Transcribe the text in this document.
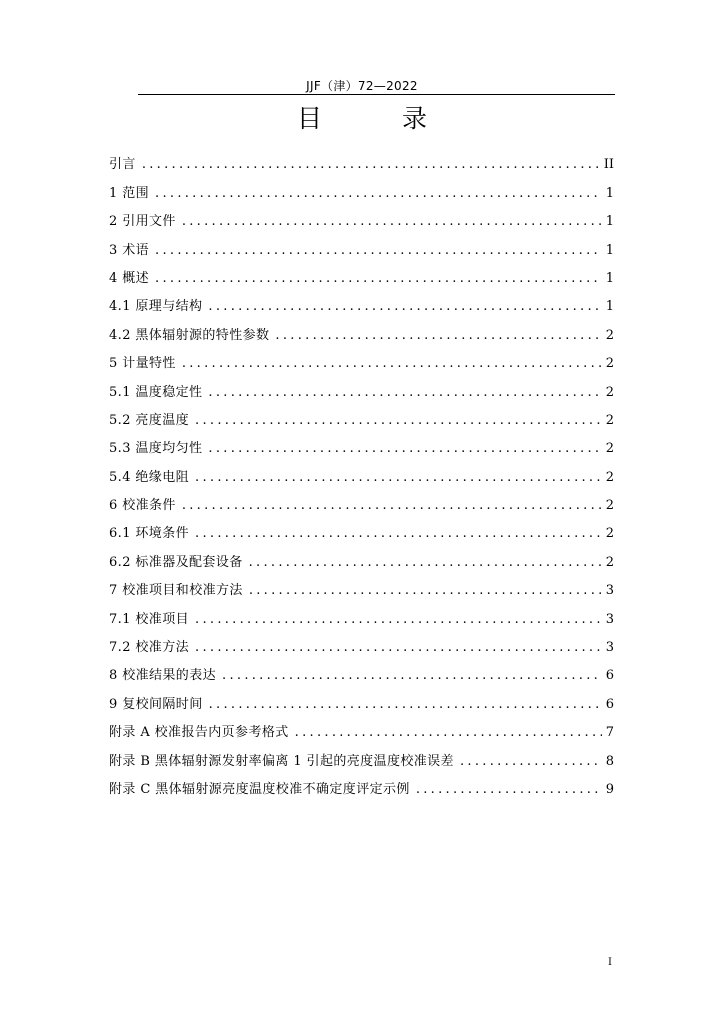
JJF（津）72—2022
目 录
引言 .....	II
1 范围 .....	1
2 引用文件 .....	1
3 术语 .....	1
4 概述 .....	1
4.1 原理与结构 .....	1
4.2 黑体辐射源的特性参数 .....	2
5 计量特性 .....	2
5.1 温度稳定性 .....	2
5.2 亮度温度 .....	2
5.3 温度均匀性 .....	2
5.4 绝缘电阻 .....	2
6 校准条件 .....	2
6.1 环境条件 .....	2
6.2 标准器及配套设备 .....	2
7 校准项目和校准方法 .....	3
7.1 校准项目 .....	3
7.2 校准方法 .....	3
8 校准结果的表达 .....	6
9 复校间隔时间 .....	6
附录 A 校准报告内页参考格式 .....	7
附录 B 黑体辐射源发射率偏离 1 引起的亮度温度校准误差 .....	8
附录 C 黑体辐射源亮度温度校准不确定度评定示例 .....	9
I
